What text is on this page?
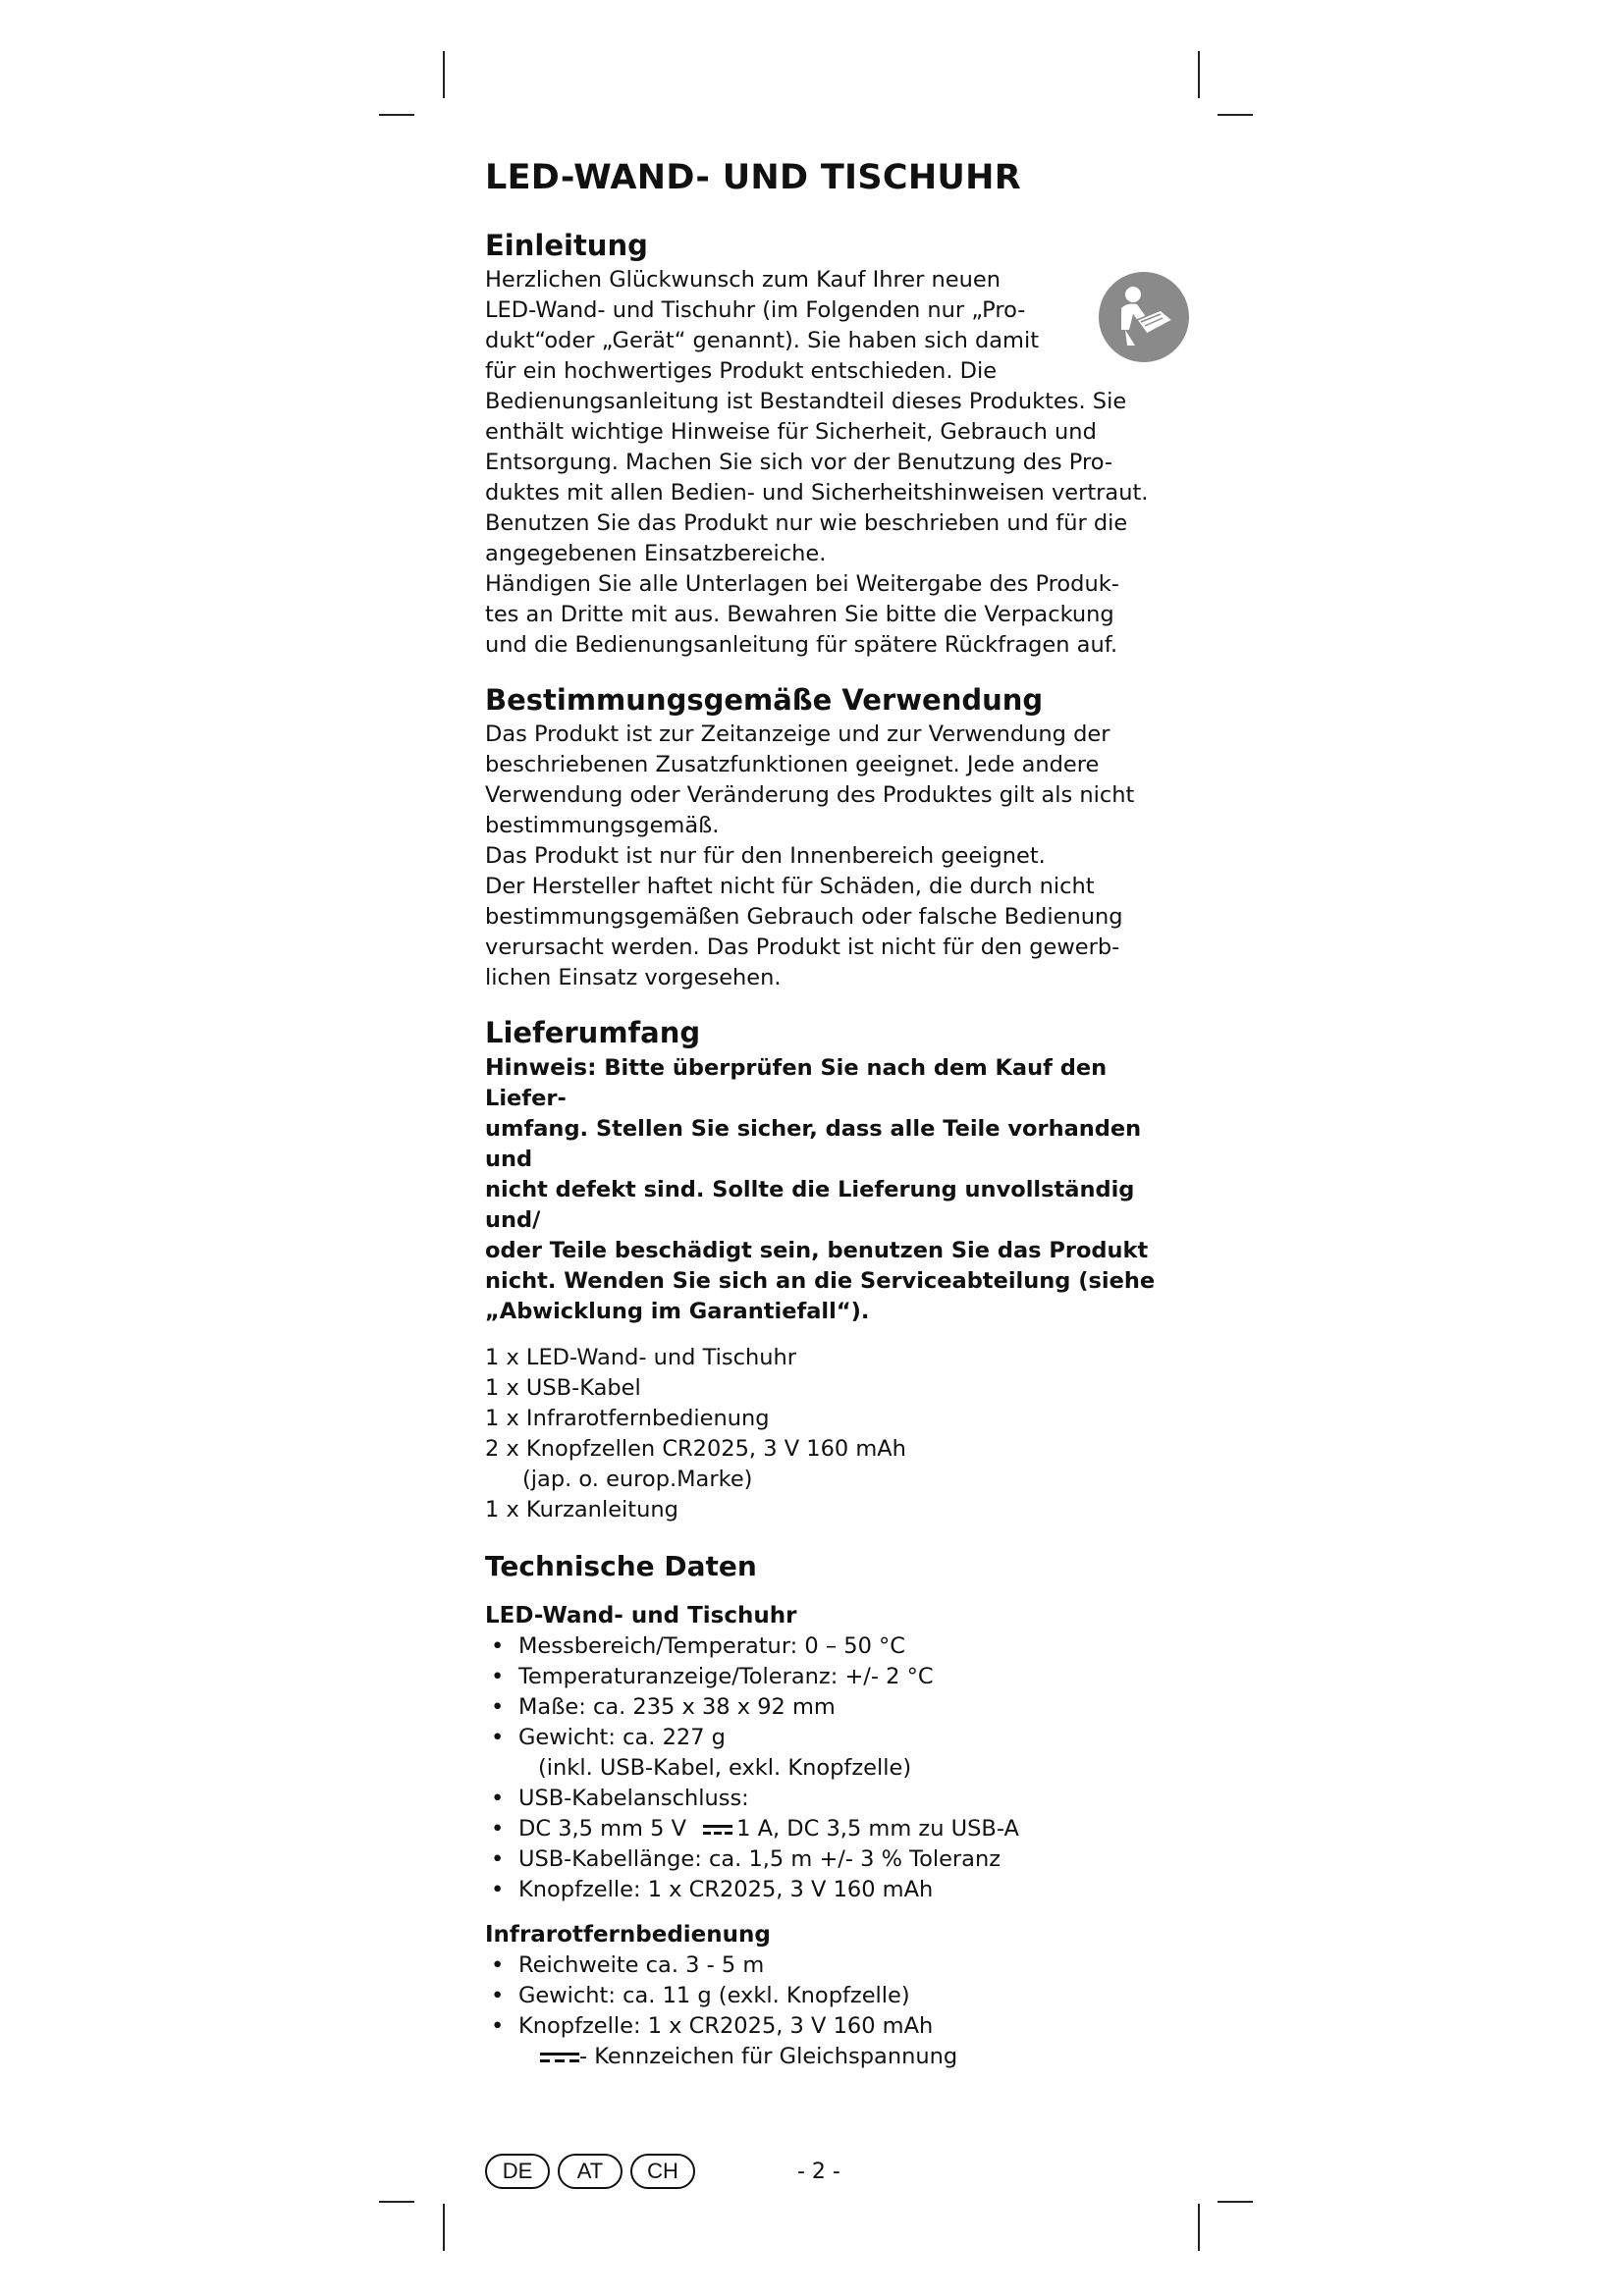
LED-WAND- UND TISCHUHR
Einleitung

Herzlichen Glückwunsch zum Kauf Ihrer neuen

LED-Wand- und Tischuhr (im Folgenden nur „Pro-

dukt“oder „Gerät“ genannt). Sie haben sich damit

für ein hochwertiges Produkt entschieden. Die

Bedienungsanleitung ist Bestandteil dieses Produktes. Sie

enthält wichtige Hinweise für Sicherheit, Gebrauch und

Entsorgung. Machen Sie sich vor der Benutzung des Pro-

duktes mit allen Bedien- und Sicherheitshinweisen vertraut.

Benutzen Sie das Produkt nur wie beschrieben und für die

angegebenen Einsatzbereiche.

Händigen Sie alle Unterlagen bei Weitergabe des Produk-

tes an Dritte mit aus. Bewahren Sie bitte die Verpackung

und die Bedienungsanleitung für spätere Rückfragen auf.

Bestimmungsgemäße Verwendung

Das Produkt ist zur Zeitanzeige und zur Verwendung der

beschriebenen Zusatzfunktionen geeignet. Jede andere

Verwendung oder Veränderung des Produktes gilt als nicht

bestimmungsgemäß.

Das Produkt ist nur für den Innenbereich geeignet.

Der Hersteller haftet nicht für Schäden, die durch nicht

bestimmungsgemäßen Gebrauch oder falsche Bedienung

verursacht werden. Das Produkt ist nicht für den gewerb-

lichen Einsatz vorgesehen.

Lieferumfang

Hinweis: Bitte überprüfen Sie nach dem Kauf den Liefer-

umfang. Stellen Sie sicher, dass alle Teile vorhanden und

nicht defekt sind. Sollte die Lieferung unvollständig und/

oder Teile beschädigt sein, benutzen Sie das Produkt

nicht. Wenden Sie sich an die Serviceabteilung (siehe

„Abwicklung im Garantiefall“).

1 x LED-Wand- und Tischuhr
1 x USB-Kabel
1 x Infrarotfernbedienung
2 x Knopfzellen CR2025, 3 V 160 mAh
(jap. o. europ.Marke)
1 x Kurzanleitung
Technische Daten
LED-Wand- und Tischuhr
• Messbereich/Temperatur: 0 – 50 °C
• Temperaturanzeige/Toleranz: +/- 2 °C
• Maße: ca. 235 x 38 x 92 mm
• Gewicht: ca. 227 g
(inkl. USB-Kabel, exkl. Knopfzelle)
• USB-Kabelanschluss:
• DC 3,5 mm 5 V 1 A, DC 3,5 mm zu USB-A
• USB-Kabellänge: ca. 1,5 m +/- 3 % Toleranz
• Knopfzelle: 1 x CR2025, 3 V 160 mAh
Infrarotfernbedienung
• Reichweite ca. 3 - 5 m
• Gewicht: ca. 11 g (exkl. Knopfzelle)
• Knopfzelle: 1 x CR2025, 3 V 160 mAh

- Kennzeichen für Gleichspannung

DE	AT	CH	- 2 -
